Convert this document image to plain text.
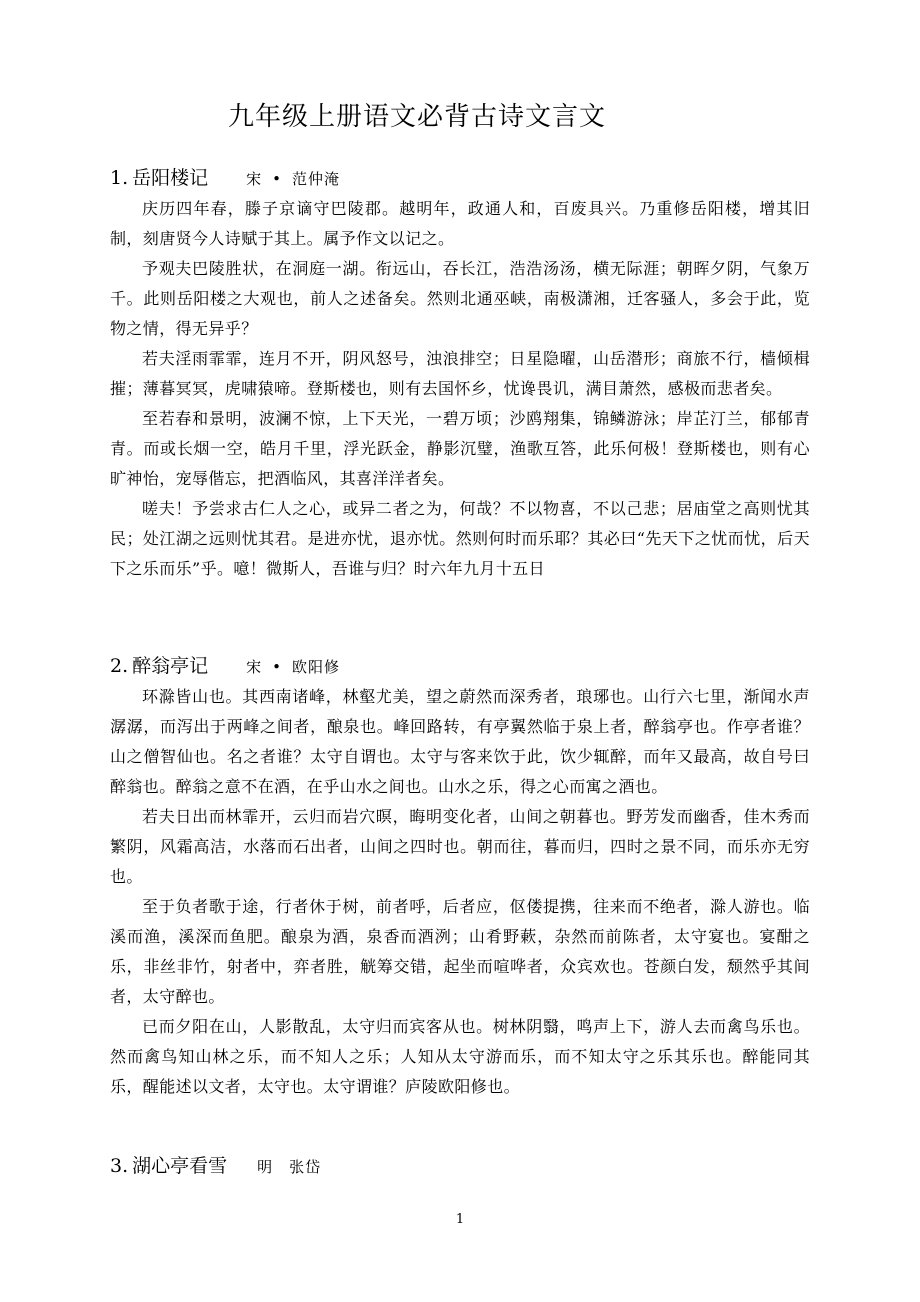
九年级上册语文必背古诗文言文
1. 岳阳楼记	宋 • 范仲淹

庆历四年春，滕子京谪守巴陵郡。越明年，政通人和，百废具兴。乃重修岳阳楼，增其旧制，刻唐贤今人诗赋于其上。属予作文以记之。

予观夫巴陵胜状，在洞庭一湖。衔远山，吞长江，浩浩汤汤，横无际涯；朝晖夕阴，气象万千。此则岳阳楼之大观也，前人之述备矣。然则北通巫峡，南极潇湘，迁客骚人，多会于此，览物之情，得无异乎？

若夫淫雨霏霏，连月不开，阴风怒号，浊浪排空；日星隐曜，山岳潜形；商旅不行，樯倾楫摧；薄暮冥冥，虎啸猿啼。登斯楼也，则有去国怀乡，忧谗畏讥，满目萧然，感极而悲者矣。

至若春和景明，波澜不惊，上下天光，一碧万顷；沙鸥翔集，锦鳞游泳；岸芷汀兰，郁郁青青。而或长烟一空，皓月千里，浮光跃金，静影沉璧，渔歌互答，此乐何极！登斯楼也，则有心旷神怡，宠辱偕忘，把酒临风，其喜洋洋者矣。

嗟夫！予尝求古仁人之心，或异二者之为，何哉？不以物喜，不以己悲；居庙堂之高则忧其民；处江湖之远则忧其君。是进亦忧，退亦忧。然则何时而乐耶？其必曰“先天下之忧而忧，后天下之乐而乐”乎。噫！微斯人，吾谁与归？时六年九月十五日

2. 醉翁亭记	宋 • 欧阳修

环滁皆山也。其西南诸峰，林壑尤美，望之蔚然而深秀者，琅琊也。山行六七里，渐闻水声潺潺，而泻出于两峰之间者，酿泉也。峰回路转，有亭翼然临于泉上者，醉翁亭也。作亭者谁？山之僧智仙也。名之者谁？太守自谓也。太守与客来饮于此，饮少辄醉，而年又最高，故自号曰醉翁也。醉翁之意不在酒，在乎山水之间也。山水之乐，得之心而寓之酒也。

若夫日出而林霏开，云归而岩穴暝，晦明变化者，山间之朝暮也。野芳发而幽香，佳木秀而繁阴，风霜高洁，水落而石出者，山间之四时也。朝而往，暮而归，四时之景不同，而乐亦无穷也。

至于负者歌于途，行者休于树，前者呼，后者应，伛偻提携，往来而不绝者，滁人游也。临溪而渔，溪深而鱼肥。酿泉为酒，泉香而酒洌；山肴野蔌，杂然而前陈者，太守宴也。宴酣之乐，非丝非竹，射者中，弈者胜，觥筹交错，起坐而喧哗者，众宾欢也。苍颜白发，颓然乎其间者，太守醉也。

已而夕阳在山，人影散乱，太守归而宾客从也。树林阴翳，鸣声上下，游人去而禽鸟乐也。然而禽鸟知山林之乐，而不知人之乐；人知从太守游而乐，而不知太守之乐其乐也。醉能同其乐，醒能述以文者，太守也。太守谓谁？庐陵欧阳修也。

3. 湖心亭看雪 明 张岱
1
